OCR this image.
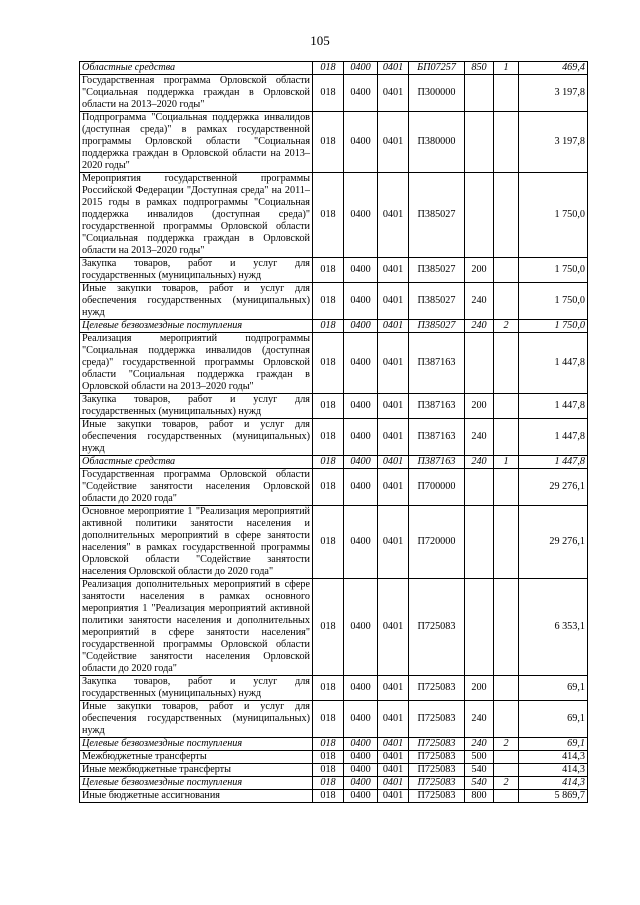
105
Областные средства	018	0400	0401	БП07257	850	1	469,4
Государственная программа Орловской области "Социальная поддержка граждан в Орловской области на 2013–2020 годы"	018	0400	0401	П300000			3 197,8
Подпрограмма "Социальная поддержка инвалидов (доступная среда)" в рамках государственной программы Орловской области "Социальная поддержка граждан в Орловской области на 2013–2020 годы"	018	0400	0401	П380000			3 197,8
Мероприятия государственной программы Российской Федерации "Доступная среда" на 2011–2015 годы в рамках подпрограммы "Социальная поддержка инвалидов (доступная среда)" государственной программы Орловской области "Социальная поддержка граждан в Орловской области на 2013–2020 годы"	018	0400	0401	П385027			1 750,0
Закупка товаров, работ и услуг для государственных (муниципальных) нужд	018	0400	0401	П385027	200		1 750,0
Иные закупки товаров, работ и услуг для обеспечения государственных (муниципальных) нужд	018	0400	0401	П385027	240		1 750,0
Целевые безвозмездные поступления	018	0400	0401	П385027	240	2	1 750,0
Реализация мероприятий подпрограммы "Социальная поддержка инвалидов (доступная среда)" государственной программы Орловской области "Социальная поддержка граждан в Орловской области на 2013–2020 годы"	018	0400	0401	П387163			1 447,8
Закупка товаров, работ и услуг для государственных (муниципальных) нужд	018	0400	0401	П387163	200		1 447,8
Иные закупки товаров, работ и услуг для обеспечения государственных (муниципальных) нужд	018	0400	0401	П387163	240		1 447,8
Областные средства	018	0400	0401	П387163	240	1	1 447,8
Государственная программа Орловской области "Содействие занятости населения Орловской области до 2020 года"	018	0400	0401	П700000			29 276,1
Основное мероприятие 1 "Реализация мероприятий активной политики занятости населения и дополнительных мероприятий в сфере занятости населения" в рамках государственной программы Орловской области "Содействие занятости населения Орловской области до 2020 года"	018	0400	0401	П720000			29 276,1
Реализация дополнительных мероприятий в сфере занятости населения в рамках основного мероприятия 1 "Реализация мероприятий активной политики занятости населения и дополнительных мероприятий в сфере занятости населения" государственной программы Орловской области "Содействие занятости населения Орловской области до 2020 года"	018	0400	0401	П725083			6 353,1
Закупка товаров, работ и услуг для государственных (муниципальных) нужд	018	0400	0401	П725083	200		69,1
Иные закупки товаров, работ и услуг для обеспечения государственных (муниципальных) нужд	018	0400	0401	П725083	240		69,1
Целевые безвозмездные поступления	018	0400	0401	П725083	240	2	69,1
Межбюджетные трансферты	018	0400	0401	П725083	500		414,3
Иные межбюджетные трансферты	018	0400	0401	П725083	540		414,3
Целевые безвозмездные поступления	018	0400	0401	П725083	540	2	414,3
Иные бюджетные ассигнования	018	0400	0401	П725083	800		5 869,7
